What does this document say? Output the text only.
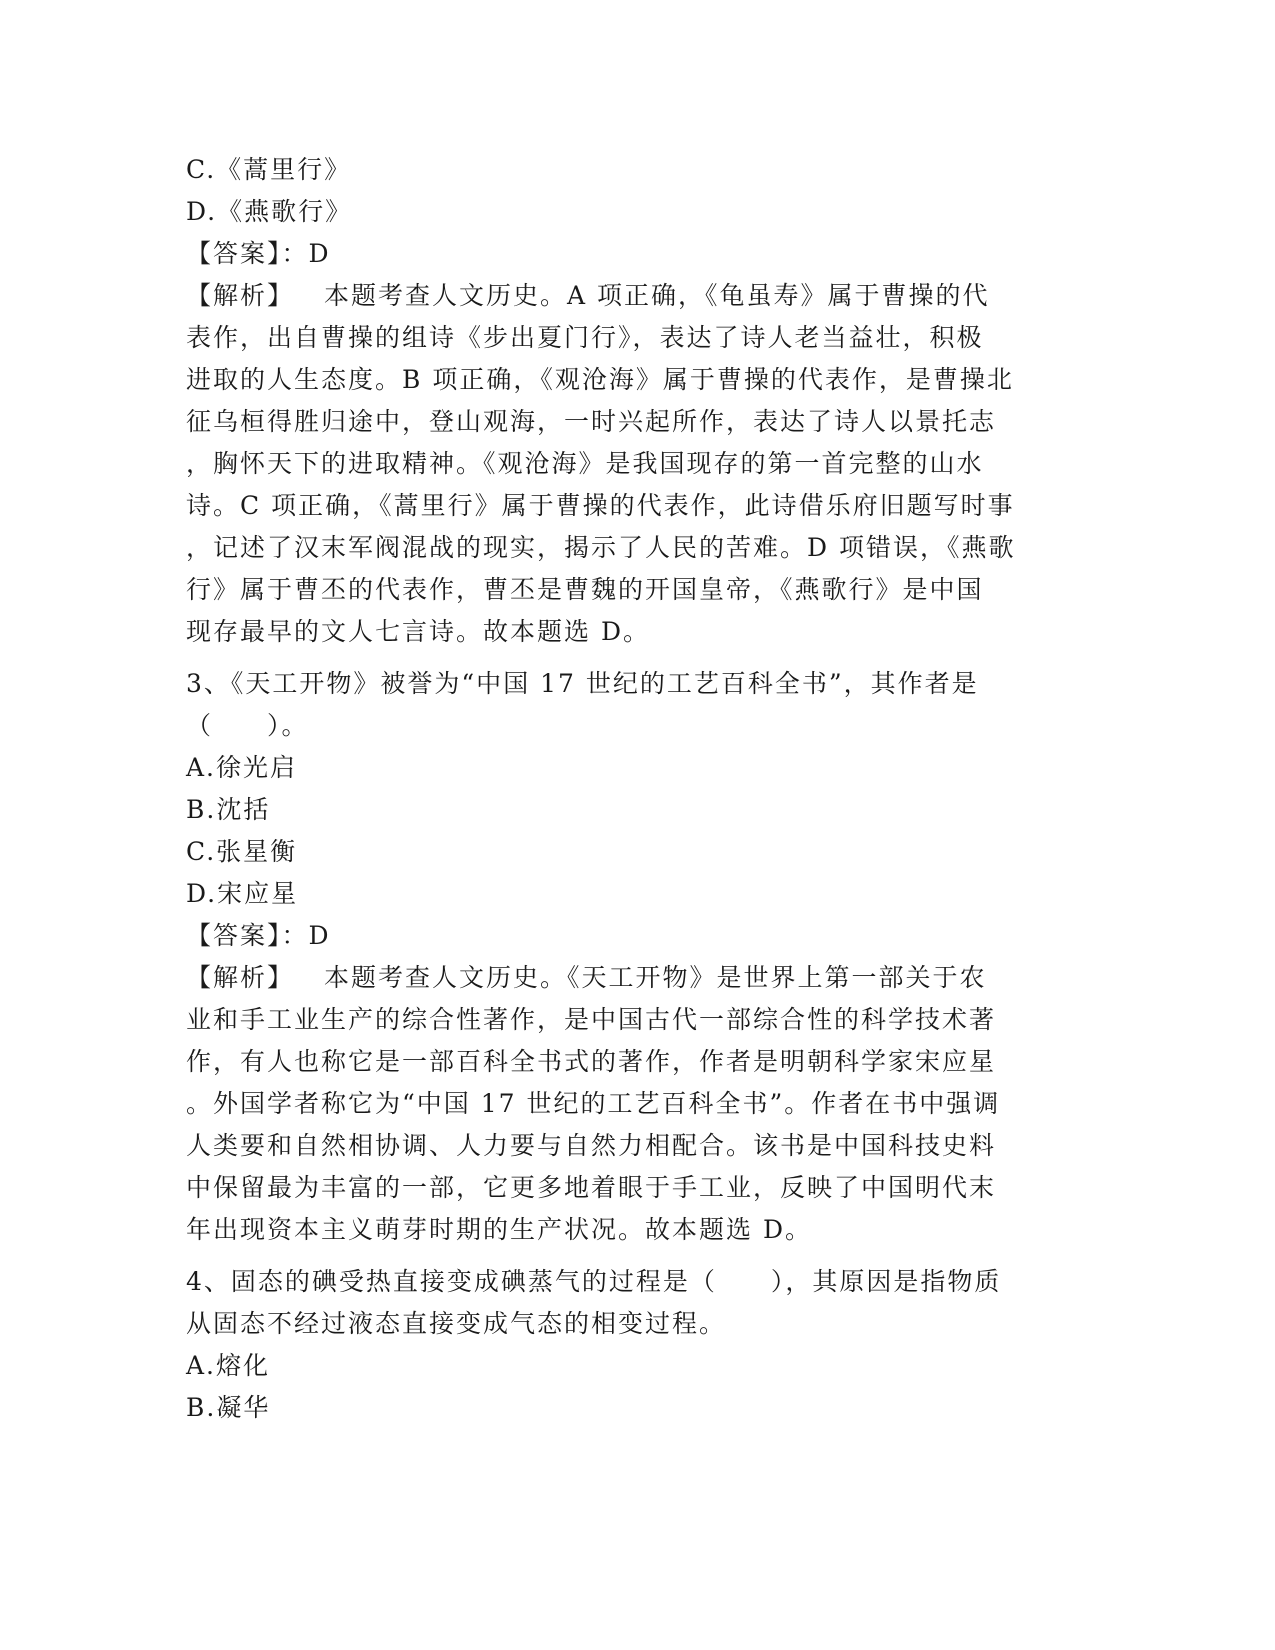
C.《蒿里行》
D.《燕歌行》
【答案】：D
【解析】 本题考查人文历史。A 项正确，《龟虽寿》属于曹操的代
表作，出自曹操的组诗《步出夏门行》，表达了诗人老当益壮，积极
进取的人生态度。B 项正确，《观沧海》属于曹操的代表作，是曹操北
征乌桓得胜归途中，登山观海，一时兴起所作，表达了诗人以景托志
，胸怀天下的进取精神。《观沧海》是我国现存的第一首完整的山水
诗。C 项正确，《蒿里行》属于曹操的代表作，此诗借乐府旧题写时事
，记述了汉末军阀混战的现实，揭示了人民的苦难。D 项错误，《燕歌
行》属于曹丕的代表作，曹丕是曹魏的开国皇帝，《燕歌行》是中国
现存最早的文人七言诗。故本题选 D。
3、《天工开物》被誉为“中国 17 世纪的工艺百科全书”，其作者是
（　　）。
A.徐光启
B.沈括
C.张星衡
D.宋应星
【答案】：D
【解析】 本题考查人文历史。《天工开物》是世界上第一部关于农
业和手工业生产的综合性著作，是中国古代一部综合性的科学技术著
作，有人也称它是一部百科全书式的著作，作者是明朝科学家宋应星
。外国学者称它为“中国 17 世纪的工艺百科全书”。作者在书中强调
人类要和自然相协调、人力要与自然力相配合。该书是中国科技史料
中保留最为丰富的一部，它更多地着眼于手工业，反映了中国明代末
年出现资本主义萌芽时期的生产状况。故本题选 D。
4、固态的碘受热直接变成碘蒸气的过程是（　　），其原因是指物质
从固态不经过液态直接变成气态的相变过程。
A.熔化
B.凝华
